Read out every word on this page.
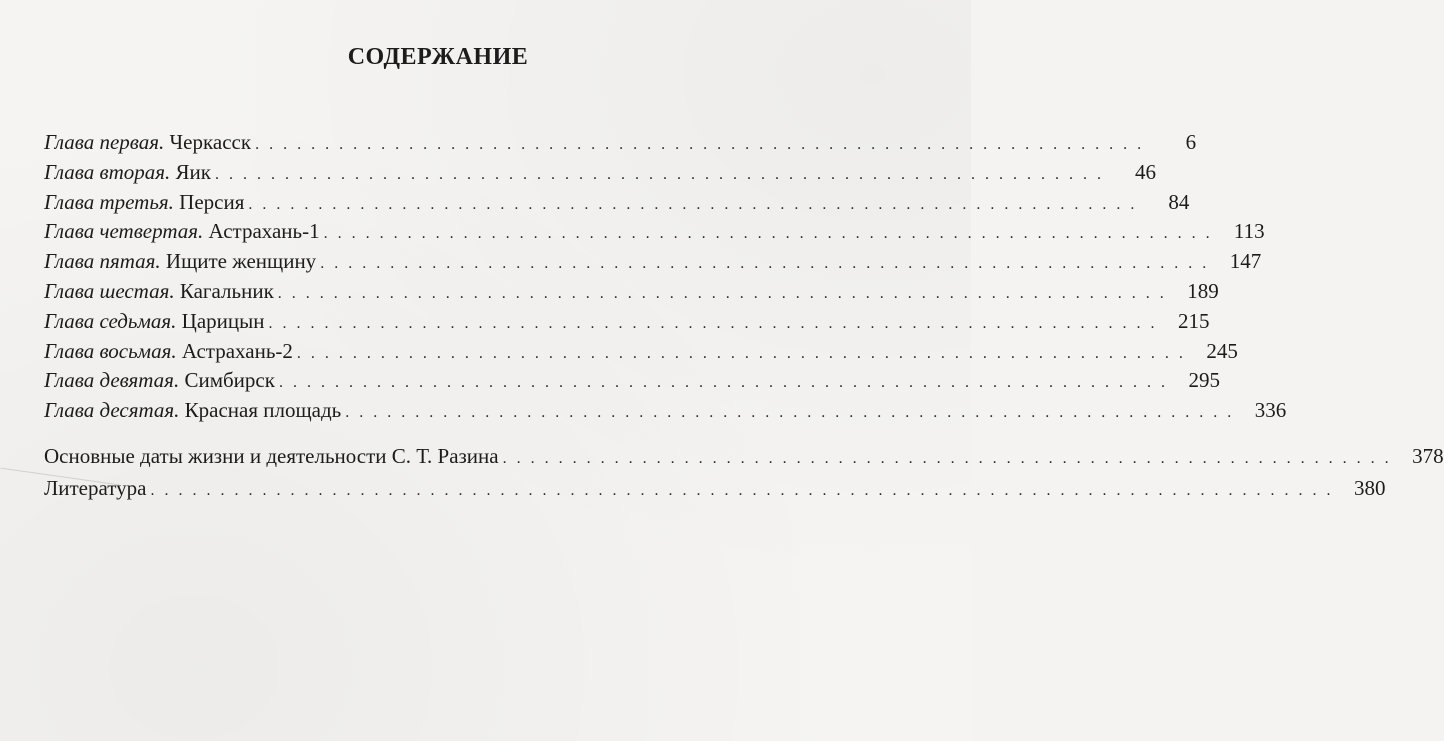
СОДЕРЖАНИЕ
Глава первая. Черкасск . . . . . . . . . . . . . . . . . . . . . . . . . . . . . . . . . . . . . . . . . . . . . . . . . . . . . . . . . . . . . . . .	6
Глава вторая. Яик . . . . . . . . . . . . . . . . . . . . . . . . . . . . . . . . . . . . . . . . . . . . . . . . . . . . . . . . . . . . . . . .	46
Глава третья. Персия . . . . . . . . . . . . . . . . . . . . . . . . . . . . . . . . . . . . . . . . . . . . . . . . . . . . . . . . . . . . . . . .	84
Глава четвертая. Астрахань-1 . . . . . . . . . . . . . . . . . . . . . . . . . . . . . . . . . . . . . . . . . . . . . . . . . . . . . . . . . . . . . . . .	113
Глава пятая. Ищите женщину . . . . . . . . . . . . . . . . . . . . . . . . . . . . . . . . . . . . . . . . . . . . . . . . . . . . . . . . . . . . . . . . 147
Глава шестая. Кагальник . . . . . . . . . . . . . . . . . . . . . . . . . . . . . . . . . . . . . . . . . . . . . . . . . . . . . . . . . . . . . . . . 189
Глава седьмая. Царицын . . . . . . . . . . . . . . . . . . . . . . . . . . . . . . . . . . . . . . . . . . . . . . . . . . . . . . . . . . . . . . . . 215
Глава восьмая. Астрахань-2 . . . . . . . . . . . . . . . . . . . . . . . . . . . . . . . . . . . . . . . . . . . . . . . . . . . . . . . . . . . . . . . . 245
Глава девятая. Симбирск . . . . . . . . . . . . . . . . . . . . . . . . . . . . . . . . . . . . . . . . . . . . . . . . . . . . . . . . . . . . . . . . 295
Глава десятая. Красная площадь . . . . . . . . . . . . . . . . . . . . . . . . . . . . . . . . . . . . . . . . . . . . . . . . . . . . . . . . . . . . . . . . 336
Основные даты жизни и деятельности С. Т. Разина . . . . . . . . . . . . . . . . . . . . . . . . . . . . . . . . . . . . . . . . . . . . . . . . . . . . . . . . . . . . . . . . 378
Литература . . . . . . . . . . . . . . . . . . . . . . . . . . . . . . . . . . . . . . . . . . . . . . . . . . . . . . . . . . . . . . . . . . . . . . . . . . . . . . . . . . . . . 380
